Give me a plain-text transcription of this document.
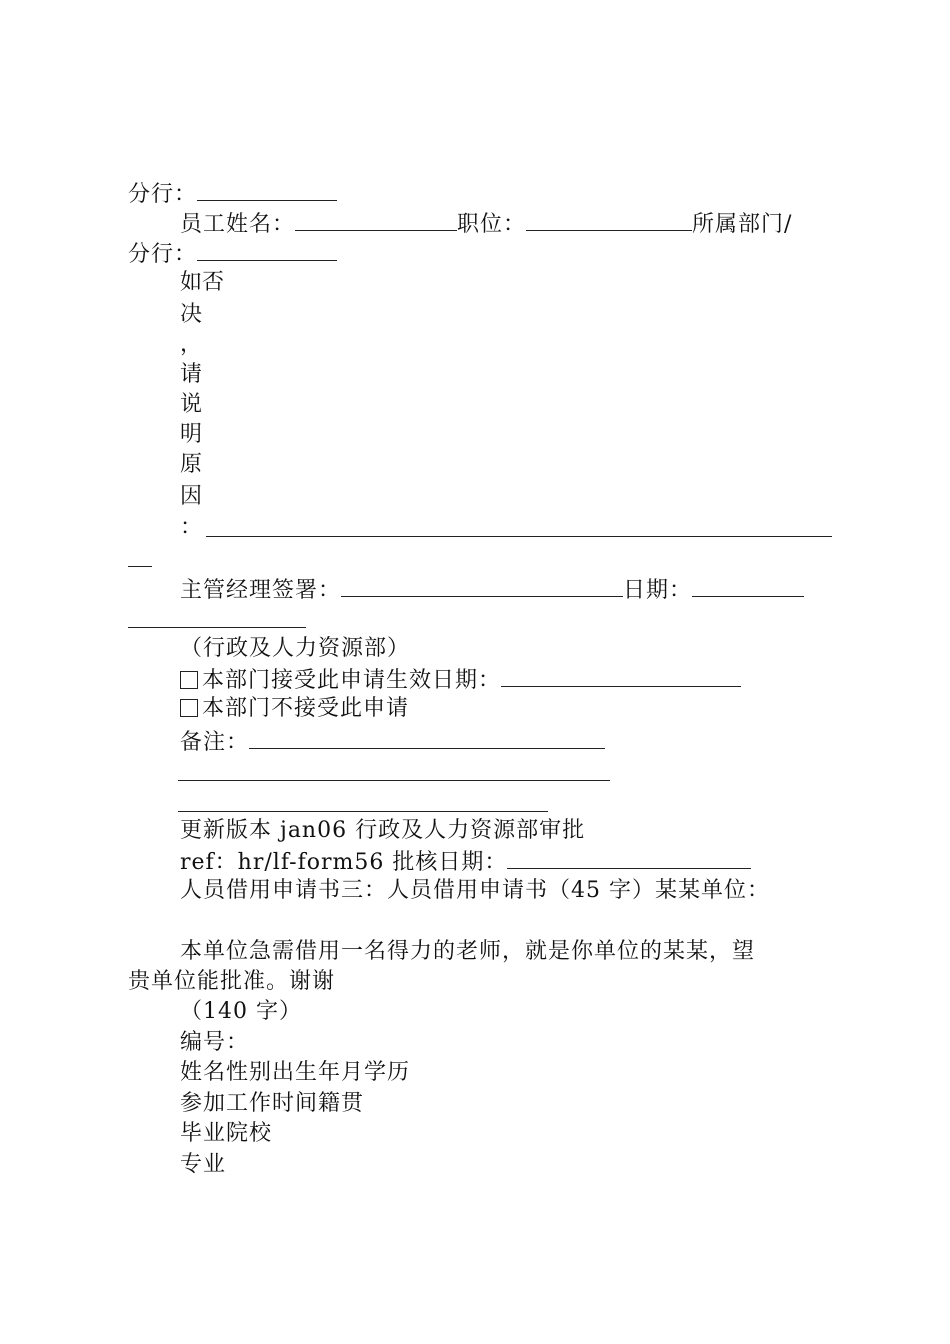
分行：
员工姓名：	职位：	所属部门/
分行：
如否
决
，
请
说
明
原
因
：
主管经理签署：	日期：
（行政及人力资源部）
本部门接受此申请生效日期：
本部门不接受此申请
备注：
更新版本 jan06 行政及人力资源部审批
ref：hr/lf-form56 批核日期：
人员借用申请书三：人员借用申请书（45 字）某某单位：
本单位急需借用一名得力的老师，就是你单位的某某，望
贵单位能批准。谢谢
（140 字）
编号：
姓名性别出生年月学历
参加工作时间籍贯
毕业院校
专业
